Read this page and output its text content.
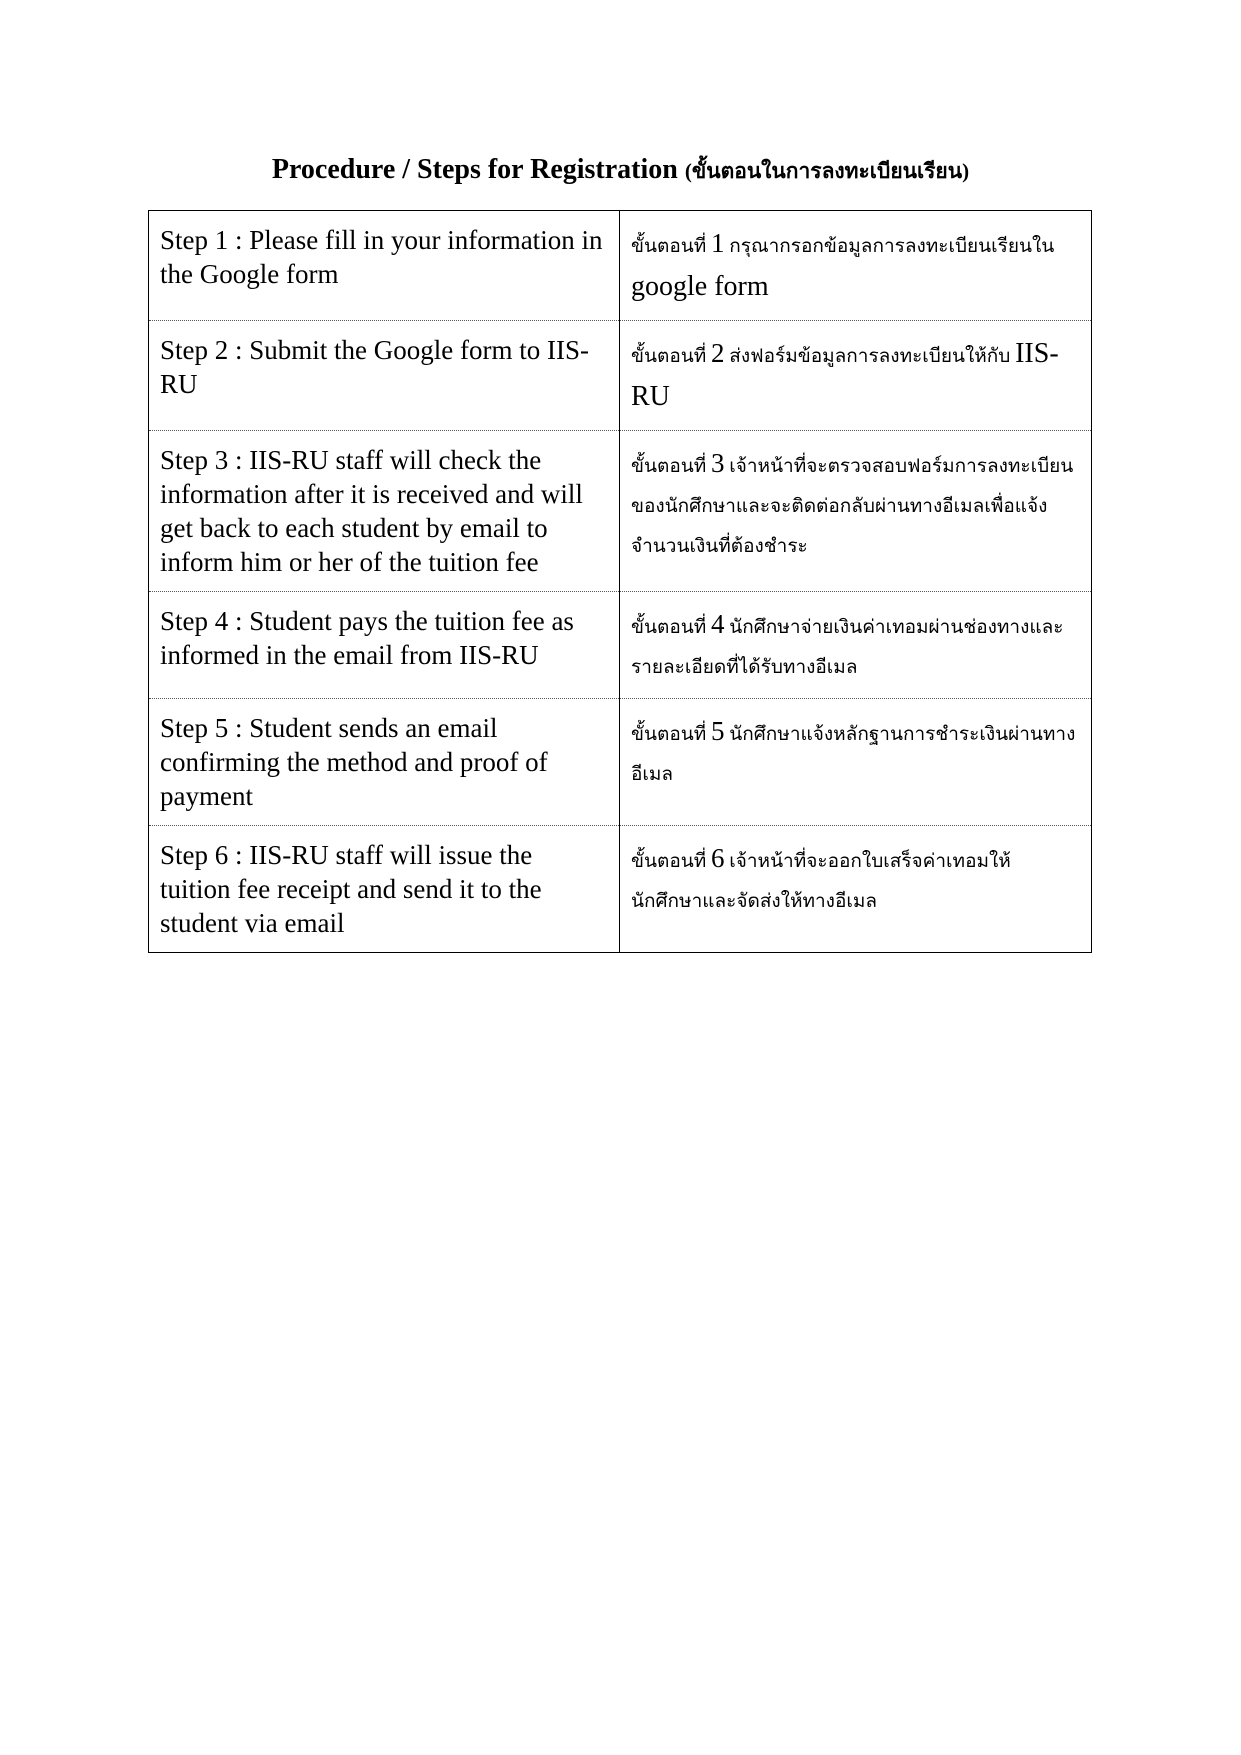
Procedure / Steps for Registration (ขั้นตอนในการลงทะเบียนเรียน)
Step 1 : Please fill in your information in the Google form	ขั้นตอนที่ 1 กรุณากรอกข้อมูลการลงทะเบียนเรียนใน google form
Step 2 : Submit the Google form to IIS-RU	ขั้นตอนที่ 2 ส่งฟอร์มข้อมูลการลงทะเบียนให้กับ IIS-RU
Step 3 : IIS-RU staff will check the information after it is received and will get back to each student by email to inform him or her of the tuition fee	ขั้นตอนที่ 3 เจ้าหน้าที่จะตรวจสอบฟอร์มการลงทะเบียนของนักศึกษาและจะติดต่อกลับผ่านทางอีเมลเพื่อแจ้งจำนวนเงินที่ต้องชำระ
Step 4 : Student pays the tuition fee as informed in the email from IIS-RU	ขั้นตอนที่ 4 นักศึกษาจ่ายเงินค่าเทอมผ่านช่องทางและรายละเอียดที่ได้รับทางอีเมล
Step 5 : Student sends an email confirming the method and proof of payment	ขั้นตอนที่ 5 นักศึกษาแจ้งหลักฐานการชำระเงินผ่านทางอีเมล
Step 6 : IIS-RU staff will issue the tuition fee receipt and send it to the student via email	ขั้นตอนที่ 6 เจ้าหน้าที่จะออกใบเสร็จค่าเทอมให้นักศึกษาและจัดส่งให้ทางอีเมล
